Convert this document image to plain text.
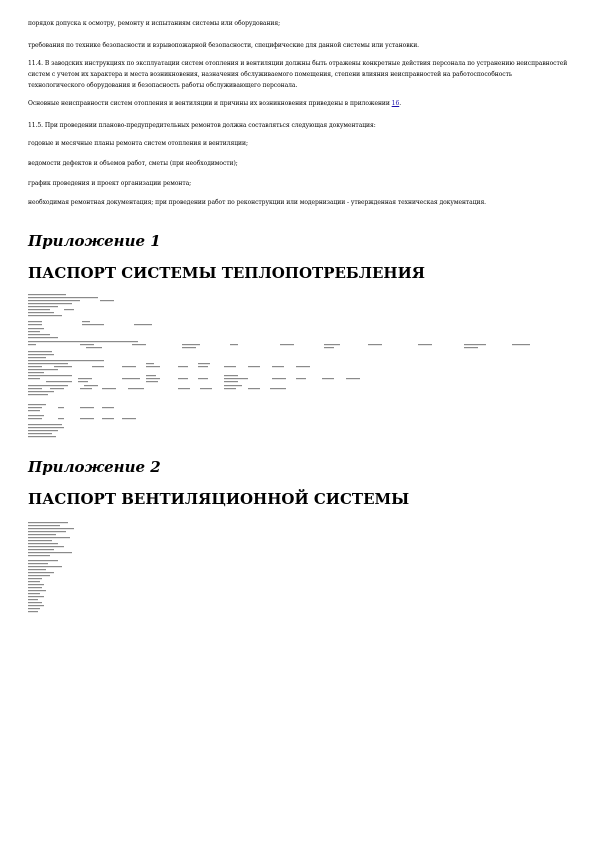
порядок допуска к осмотру, ремонту и испытаниям системы или оборудования;
требования по технике безопасности и взрывопожарной безопасности, специфические для данной системы или установки.
11.4. В заводских инструкциях по эксплуатации систем отопления и вентиляции должны быть отражены конкретные действия персонала по устранению неисправностей систем с учетом их характера и места возникновения, назначения обслуживаемого помещения, степени влияния неисправностей на работоспособность технологического оборудования и безопасность работы обслуживающего персонала.
Основные неисправности систем отопления и вентиляции и причины их возникновения приведены в приложении 16.
11.5. При проведении планово-предупредительных ремонтов должна составляться следующая документация:
годовые и месячные планы ремонта систем отопления и вентиляции;
ведомости дефектов и объемов работ, сметы (при необходимости);
график проведения и проект организации ремонта;
необходимая ремонтная документация; при проведении работ по реконструкции или модернизации - утвержденная техническая документация.
Приложение 1
ПАСПОРТ СИСТЕМЫ ТЕПЛОПОТРЕБЛЕНИЯ
Приложение 2
ПАСПОРТ ВЕНТИЛЯЦИОННОЙ СИСТЕМЫ
